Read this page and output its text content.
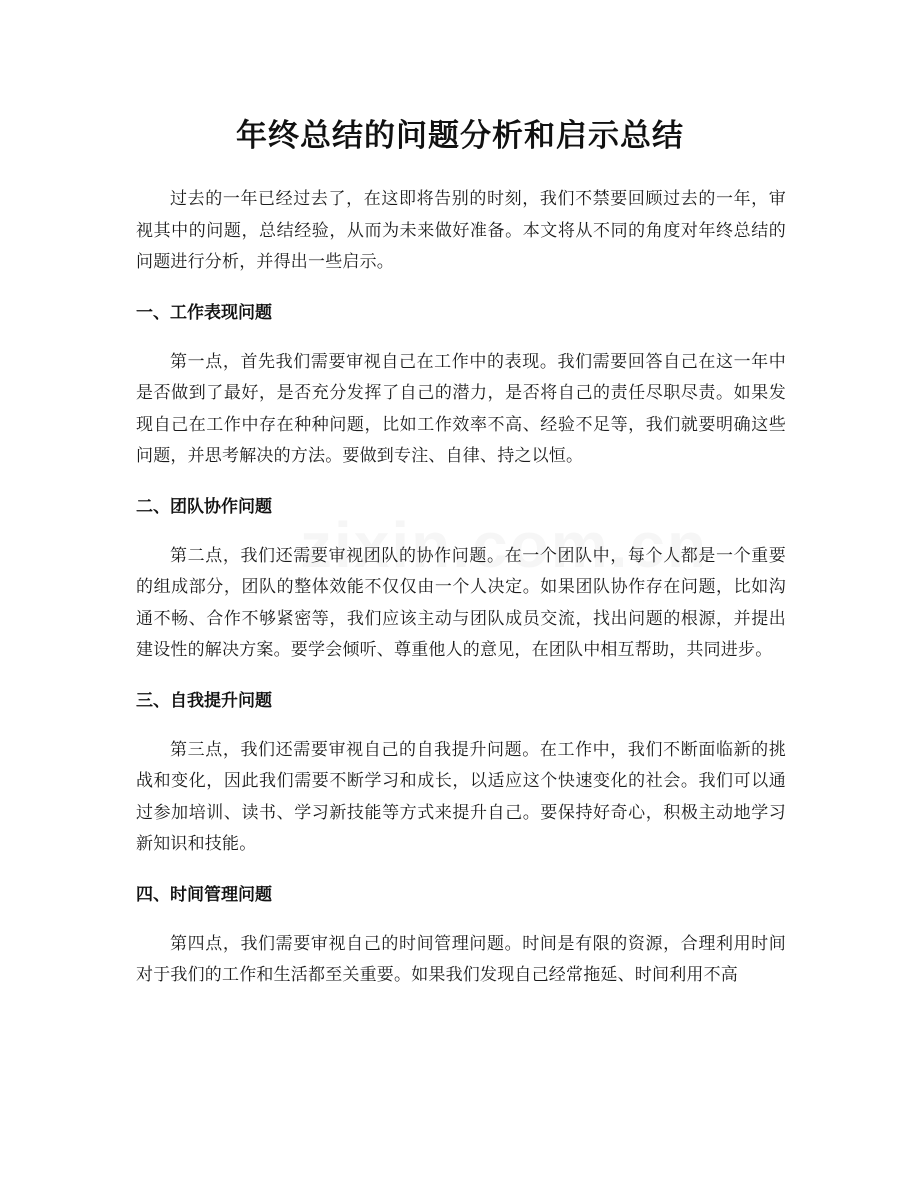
年终总结的问题分析和启示总结

过去的一年已经过去了，在这即将告别的时刻，我们不禁要回顾过去的一年，审视其中的问题，总结经验，从而为未来做好准备。本文将从不同的角度对年终总结的问题进行分析，并得出一些启示。

一、工作表现问题

第一点，首先我们需要审视自己在工作中的表现。我们需要回答自己在这一年中是否做到了最好，是否充分发挥了自己的潜力，是否将自己的责任尽职尽责。如果发现自己在工作中存在种种问题，比如工作效率不高、经验不足等，我们就要明确这些问题，并思考解决的方法。要做到专注、自律、持之以恒。

二、团队协作问题

第二点，我们还需要审视团队的协作问题。在一个团队中，每个人都是一个重要的组成部分，团队的整体效能不仅仅由一个人决定。如果团队协作存在问题，比如沟通不畅、合作不够紧密等，我们应该主动与团队成员交流，找出问题的根源，并提出建设性的解决方案。要学会倾听、尊重他人的意见，在团队中相互帮助，共同进步。

三、自我提升问题

第三点，我们还需要审视自己的自我提升问题。在工作中，我们不断面临新的挑战和变化，因此我们需要不断学习和成长，以适应这个快速变化的社会。我们可以通过参加培训、读书、学习新技能等方式来提升自己。要保持好奇心，积极主动地学习新知识和技能。

四、时间管理问题

第四点，我们需要审视自己的时间管理问题。时间是有限的资源，合理利用时间对于我们的工作和生活都至关重要。如果我们发现自己经常拖延、时间利用不高
